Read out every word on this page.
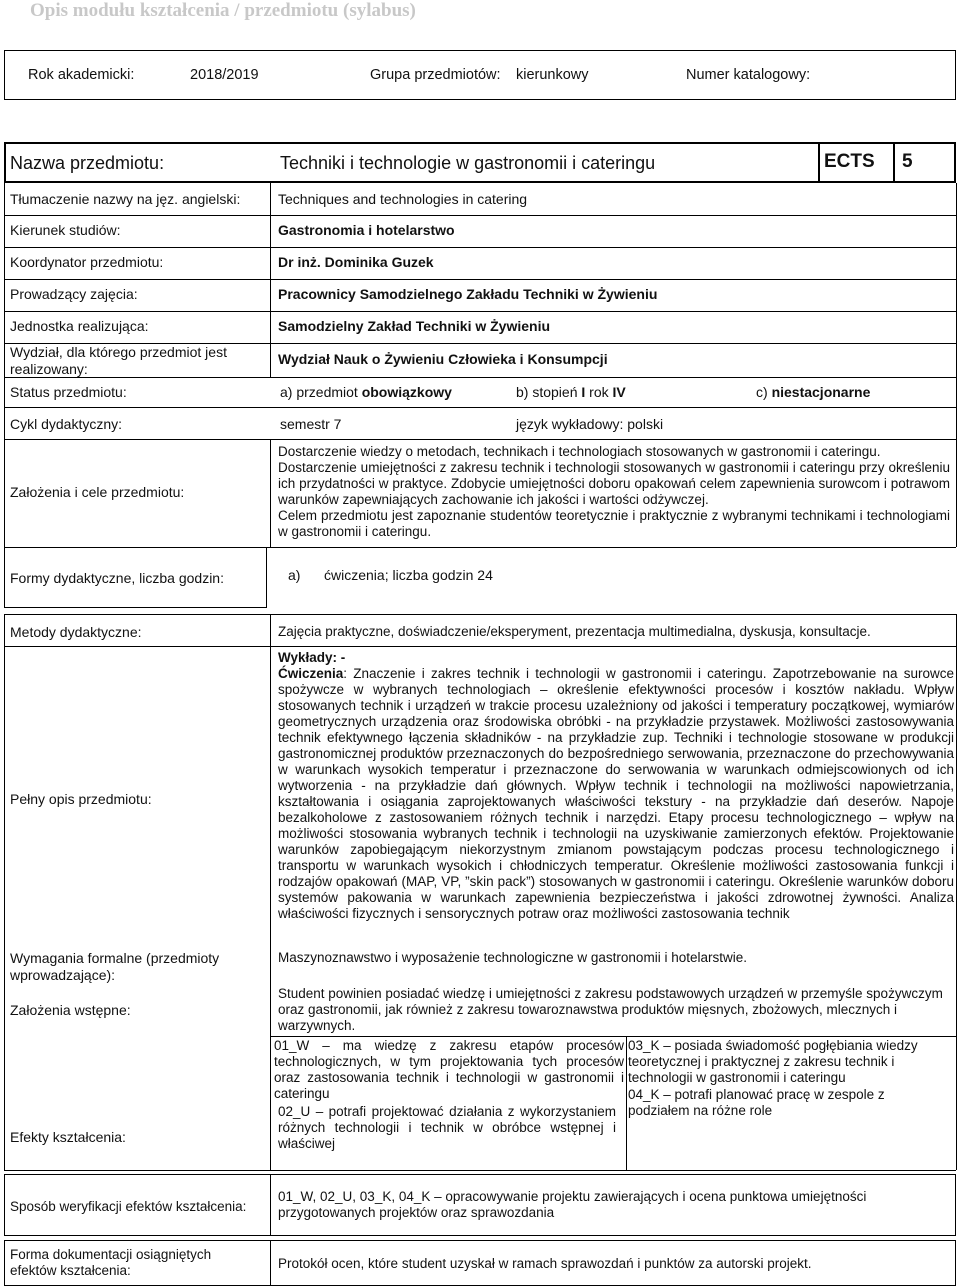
Opis modułu kształcenia / przedmiotu (sylabus)
Rok akademicki:	2018/2019	Grupa przedmiotów: kierunkowy	Numer katalogowy:
Nazwa przedmiotu:	Techniki i technologie w gastronomii i cateringu	ECTS 5
Tłumaczenie nazwy na jęz. angielski:	Techniques and technologies in catering
Kierunek studiów:	Gastronomia i hotelarstwo
Koordynator przedmiotu:	Dr inż. Dominika Guzek
Prowadzący zajęcia:	Pracownicy Samodzielnego Zakładu Techniki w Żywieniu
Jednostka realizująca:	Samodzielny Zakład Techniki w Żywieniu
Wydział, dla którego przedmiot jest realizowany:
Wydział Nauk o Żywieniu Człowieka i Konsumpcji
Status przedmiotu:	a) przedmiot obowiązkowy	b) stopień I rok IV	c) niestacjonarne
Cykl dydaktyczny:	semestr 7	język wykładowy: polski
Założenia i cele przedmiotu:
Dostarczenie wiedzy o metodach, technikach i technologiach stosowanych w gastronomii i cateringu.
Dostarczenie umiejętności z zakresu technik i technologii stosowanych w gastronomii i cateringu przy określeniu ich przydatności w praktyce. Zdobycie umiejętności doboru opakowań celem zapewnienia surowcom i potrawom warunków zapewniających zachowanie ich jakości i wartości odżywczej.
Celem przedmiotu jest zapoznanie studentów teoretycznie i praktycznie z wybranymi technikami i technologiami w gastronomii i cateringu.
Formy dydaktyczne, liczba godzin:	a) ćwiczenia; liczba godzin 24
Metody dydaktyczne:	Zajęcia praktyczne, doświadczenie/eksperyment, prezentacja multimedialna, dyskusja, konsultacje.
Pełny opis przedmiotu:
Wykłady: -
Ćwiczenia: Znaczenie i zakres technik i technologii w gastronomii i cateringu. Zapotrzebowanie na surowce spożywcze w wybranych technologiach – określenie efektywności procesów i kosztów nakładu. Wpływ stosowanych technik i urządzeń w trakcie procesu uzależniony od jakości i temperatury początkowej, wymiarów geometrycznych urządzenia oraz środowiska obróbki - na przykładzie przystawek. Możliwości zastosowywania technik efektywnego łączenia składników - na przykładzie zup. Techniki i technologie stosowane w produkcji gastronomicznej produktów przeznaczonych do bezpośredniego serwowania, przeznaczone do przechowywania w warunkach wysokich temperatur i przeznaczone do serwowania w warunkach odmiejscowionych od ich wytworzenia - na przykładzie dań głównych. Wpływ technik i technologii na możliwości napowietrzania, kształtowania i osiągania zaprojektowanych właściwości tekstury - na przykładzie dań deserów. Napoje bezalkoholowe z zastosowaniem różnych technik i narzędzi. Etapy procesu technologicznego – wpływ na możliwości stosowania wybranych technik i technologii na uzyskiwanie zamierzonych efektów. Projektowanie warunków zapobiegającym niekorzystnym zmianom powstającym podczas procesu technologicznego i transportu w warunkach wysokich i chłodniczych temperatur. Określenie możliwości zastosowania funkcji i rodzajów opakowań (MAP, VP, ”skin pack”) stosowanych w gastronomii i cateringu. Określenie warunków doboru systemów pakowania w warunkach zapewnienia bezpieczeństwa i jakości zdrowotnej żywności. Analiza właściwości fizycznych i sensorycznych potraw oraz możliwości zastosowania technik
Wymagania formalne (przedmioty wprowadzające):
Maszynoznawstwo i wyposażenie technologiczne w gastronomii i hotelarstwie.
Założenia wstępne:
Student powinien posiadać wiedzę i umiejętności z zakresu podstawowych urządzeń w przemyśle spożywczym oraz gastronomii, jak również z zakresu towaroznawstwa produktów mięsnych, zbożowych, mlecznych i warzywnych.
Efekty kształcenia:
01_W – ma wiedzę z zakresu etapów procesów technologicznych, w tym projektowania tych procesów oraz zastosowania technik i technologii w gastronomii i cateringu
02_U – potrafi projektować działania z wykorzystaniem różnych technologii i technik w obróbce wstępnej i właściwej
03_K – posiada świadomość pogłębiania wiedzy teoretycznej i praktycznej z zakresu technik i technologii w gastronomii i cateringu
04_K – potrafi planować pracę w zespole z podziałem na różne role
Sposób weryfikacji efektów kształcenia:
01_W, 02_U, 03_K, 04_K – opracowywanie projektu zawierających i ocena punktowa umiejętności przygotowanych projektów oraz sprawozdania
Forma dokumentacji osiągniętych efektów kształcenia:	Protokół ocen, które student uzyskał w ramach sprawozdań i punktów za autorski projekt.
